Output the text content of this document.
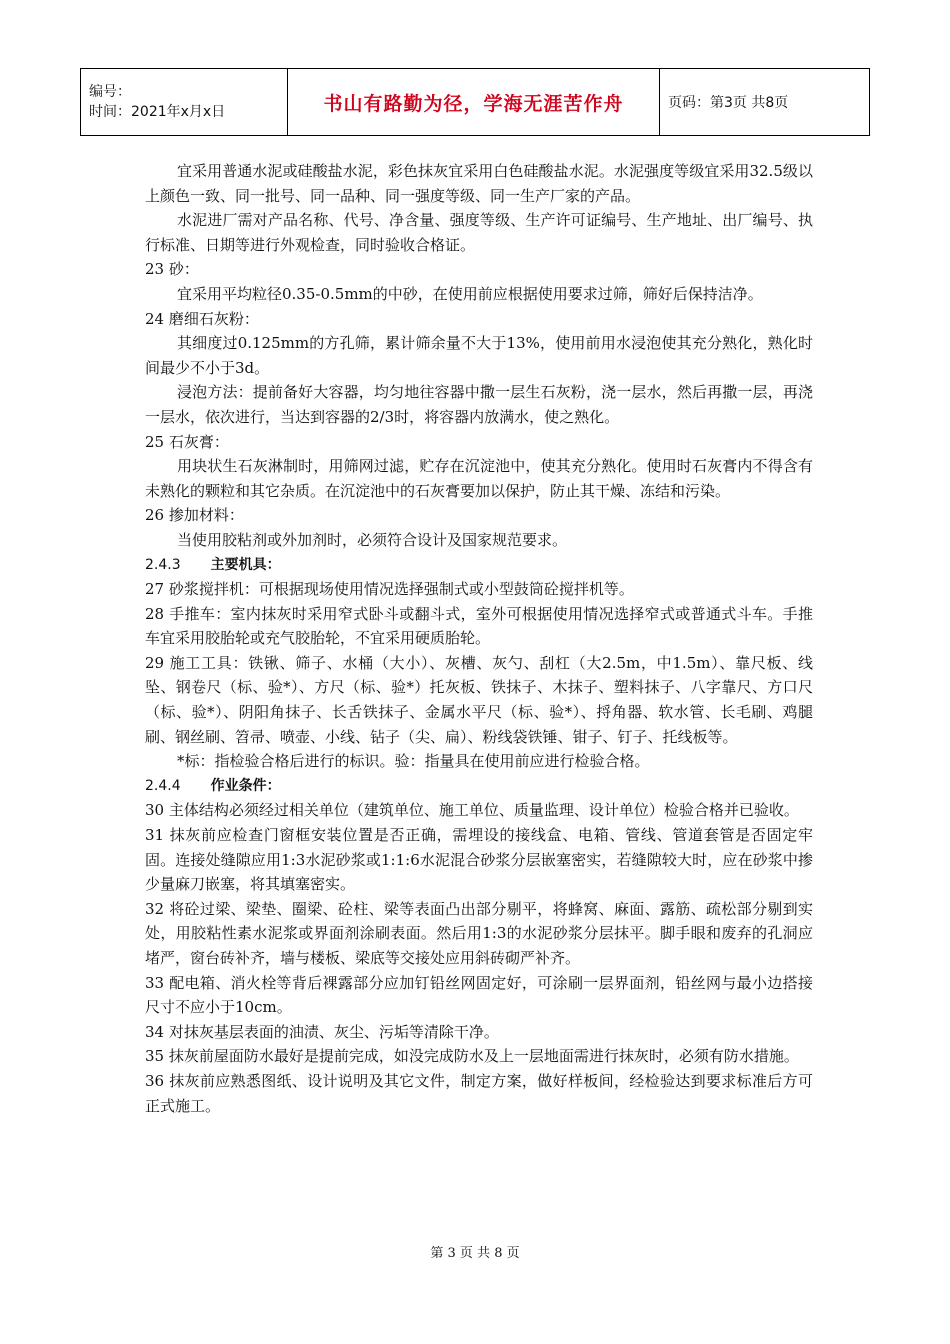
编号：
时间：2021年x月x日	书山有路勤为径，学海无涯苦作舟	页码：第3页 共8页

宜采用普通水泥或硅酸盐水泥，彩色抹灰宜采用白色硅酸盐水泥。水泥强度等级宜采用32.5级以上颜色一致、同一批号、同一品种、同一强度等级、同一生产厂家的产品。

水泥进厂需对产品名称、代号、净含量、强度等级、生产许可证编号、生产地址、出厂编号、执行标准、日期等进行外观检查，同时验收合格证。

23 砂：

宜采用平均粒径0.35-0.5mm的中砂，在使用前应根据使用要求过筛，筛好后保持洁净。

24 磨细石灰粉：

其细度过0.125mm的方孔筛，累计筛余量不大于13%，使用前用水浸泡使其充分熟化，熟化时间最少不小于3d。

浸泡方法：提前备好大容器，均匀地往容器中撒一层生石灰粉，浇一层水，然后再撒一层，再浇一层水，依次进行，当达到容器的2/3时，将容器内放满水，使之熟化。

25 石灰膏：

用块状生石灰淋制时，用筛网过滤，贮存在沉淀池中，使其充分熟化。使用时石灰膏内不得含有未熟化的颗粒和其它杂质。在沉淀池中的石灰膏要加以保护，防止其干燥、冻结和污染。

26 掺加材料：

当使用胶粘剂或外加剂时，必须符合设计及国家规范要求。

2.4.3 主要机具：

27 砂浆搅拌机：可根据现场使用情况选择强制式或小型鼓筒砼搅拌机等。

28 手推车：室内抹灰时采用窄式卧斗或翻斗式，室外可根据使用情况选择窄式或普通式斗车。手推车宜采用胶胎轮或充气胶胎轮，不宜采用硬质胎轮。

29 施工工具：铁锹、筛子、水桶（大小）、灰槽、灰勺、刮杠（大2.5m，中1.5m）、靠尺板、线坠、钢卷尺（标、验*）、方尺（标、验*）托灰板、铁抹子、木抹子、塑料抹子、八字靠尺、方口尺（标、验*）、阴阳角抹子、长舌铁抹子、金属水平尺（标、验*）、捋角器、软水管、长毛刷、鸡腿刷、钢丝刷、笤帚、喷壶、小线、钻子（尖、扁）、粉线袋铁锤、钳子、钉子、托线板等。

*标：指检验合格后进行的标识。验：指量具在使用前应进行检验合格。

2.4.4 作业条件：

30 主体结构必须经过相关单位（建筑单位、施工单位、质量监理、设计单位）检验合格并已验收。

31 抹灰前应检查门窗框安装位置是否正确，需埋设的接线盒、电箱、管线、管道套管是否固定牢固。连接处缝隙应用1:3水泥砂浆或1:1:6水泥混合砂浆分层嵌塞密实，若缝隙较大时，应在砂浆中掺少量麻刀嵌塞，将其填塞密实。

32 将砼过梁、梁垫、圈梁、砼柱、梁等表面凸出部分剔平，将蜂窝、麻面、露筋、疏松部分剔到实处，用胶粘性素水泥浆或界面剂涂刷表面。然后用1:3的水泥砂浆分层抹平。脚手眼和废弃的孔洞应堵严，窗台砖补齐，墙与楼板、梁底等交接处应用斜砖砌严补齐。

33 配电箱、消火栓等背后裸露部分应加钉铅丝网固定好，可涂刷一层界面剂，铅丝网与最小边搭接尺寸不应小于10cm。

34 对抹灰基层表面的油渍、灰尘、污垢等清除干净。

35 抹灰前屋面防水最好是提前完成，如没完成防水及上一层地面需进行抹灰时，必须有防水措施。

36 抹灰前应熟悉图纸、设计说明及其它文件，制定方案，做好样板间，经检验达到要求标准后方可正式施工。

第 3 页 共 8 页
